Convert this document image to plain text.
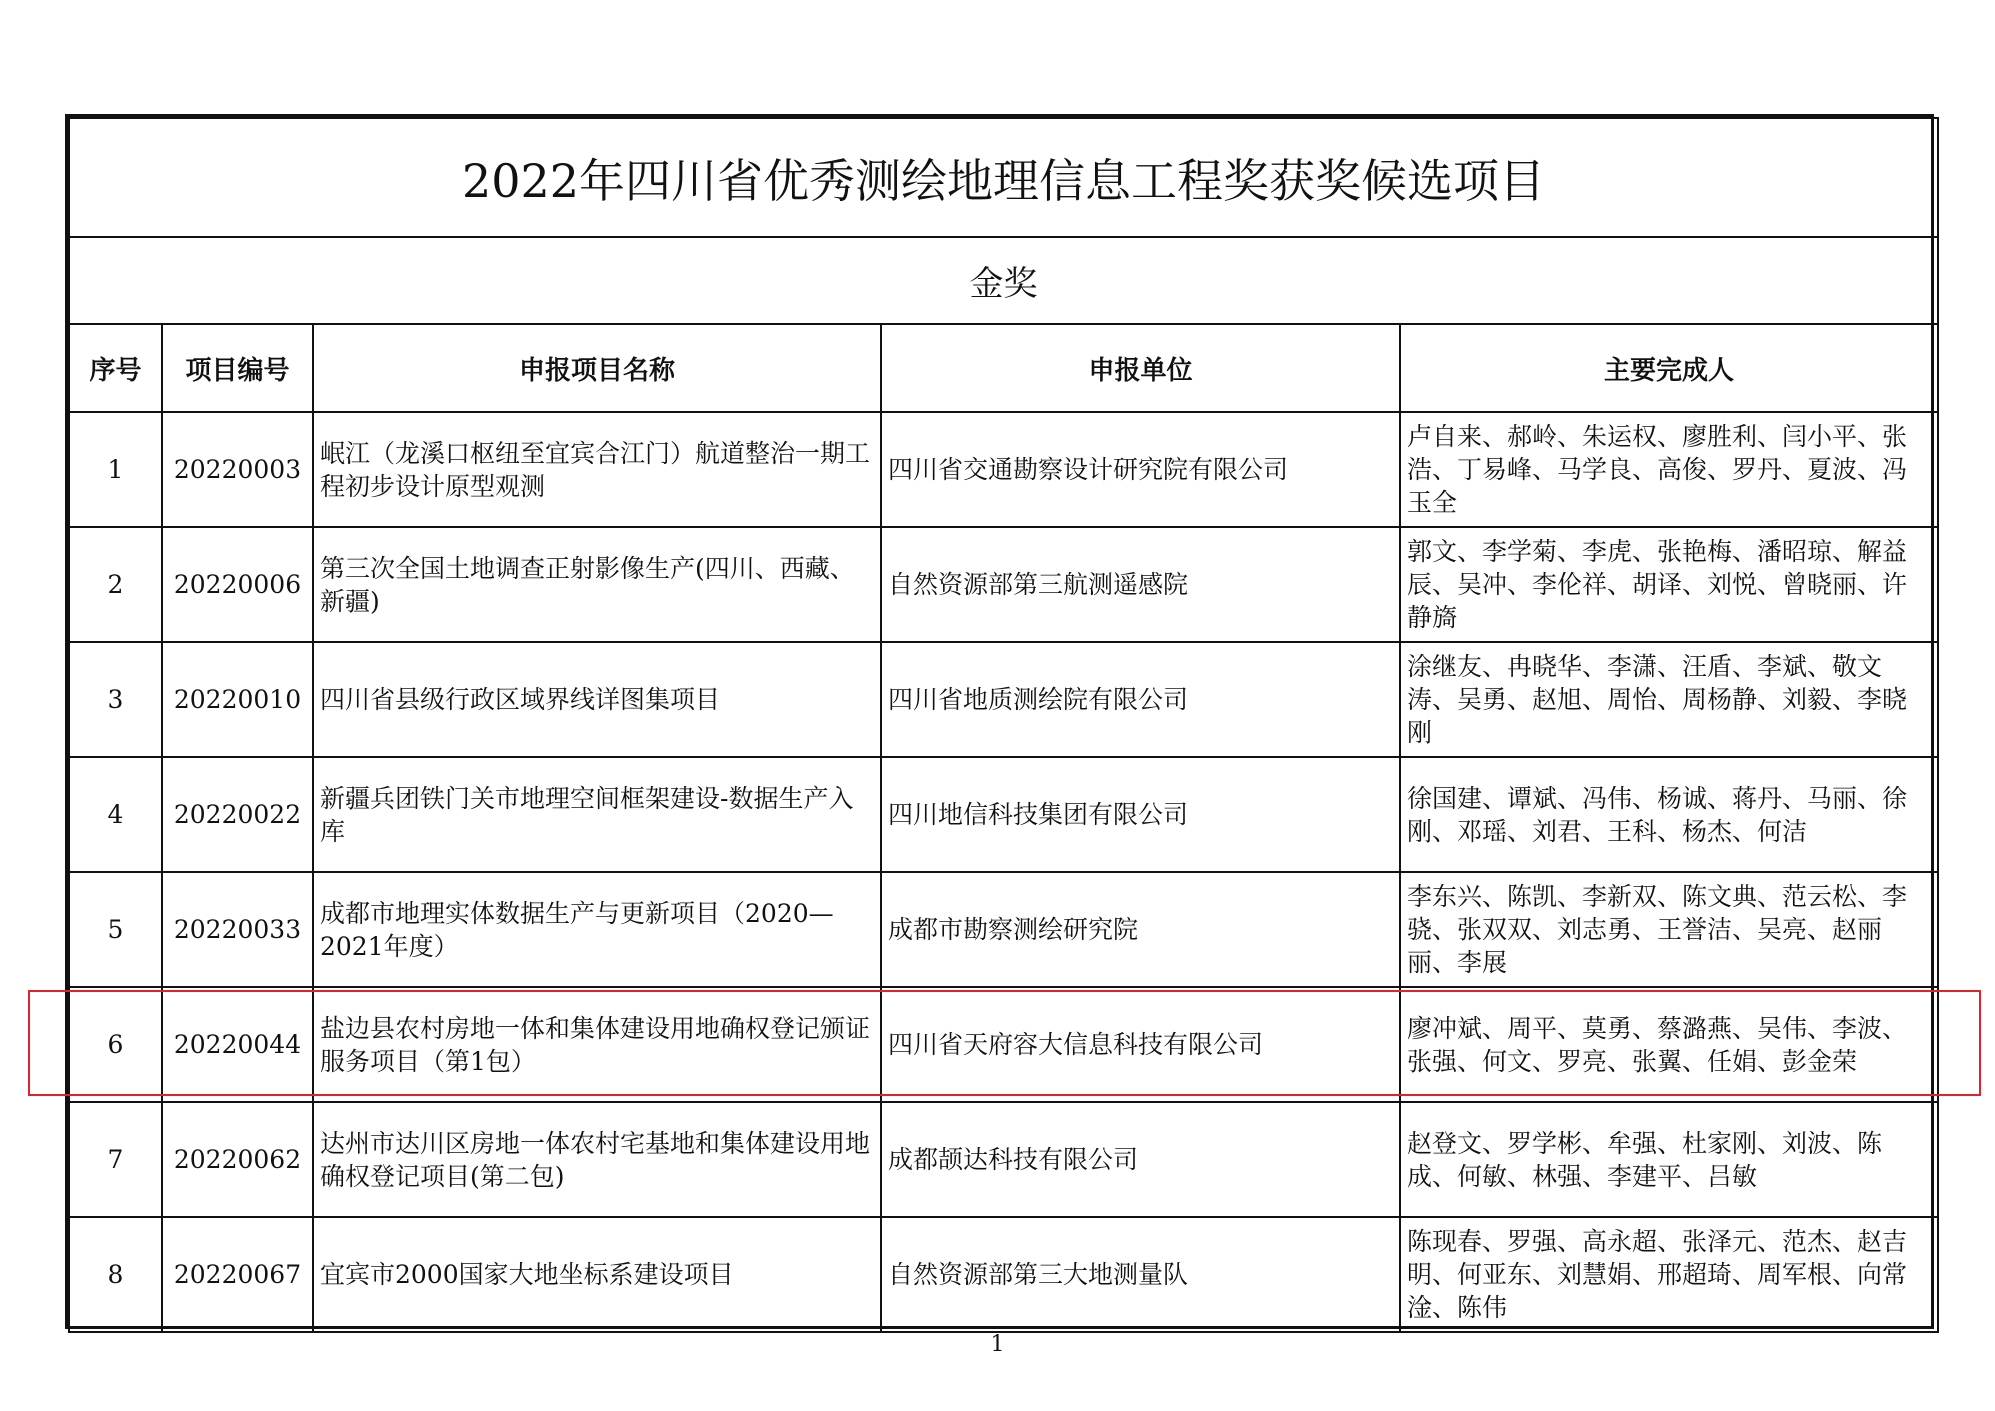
2022年四川省优秀测绘地理信息工程奖获奖候选项目				
金奖				
序号	项目编号	申报项目名称	申报单位	主要完成人
1	20220003	岷江（龙溪口枢纽至宜宾合江门）航道整治一期工程初步设计原型观测	四川省交通勘察设计研究院有限公司	卢自来、郝岭、朱运权、廖胜利、闫小平、张浩、丁易峰、马学良、高俊、罗丹、夏波、冯玉全
2	20220006	第三次全国土地调查正射影像生产(四川、西藏、新疆)	自然资源部第三航测遥感院	郭文、李学菊、李虎、张艳梅、潘昭琼、解益辰、吴冲、李伦祥、胡译、刘悦、曾晓丽、许静旖
3	20220010	四川省县级行政区域界线详图集项目	四川省地质测绘院有限公司	涂继友、冉晓华、李潇、汪盾、李斌、敬文涛、吴勇、赵旭、周怡、周杨静、刘毅、李晓刚
4	20220022	新疆兵团铁门关市地理空间框架建设-数据生产入库	四川地信科技集团有限公司	徐国建、谭斌、冯伟、杨诚、蒋丹、马丽、徐刚、邓瑶、刘君、王科、杨杰、何洁
5	20220033	成都市地理实体数据生产与更新项目（2020—2021年度）	成都市勘察测绘研究院	李东兴、陈凯、李新双、陈文典、范云松、李骁、张双双、刘志勇、王誉洁、吴亮、赵丽丽、李展
6	20220044	盐边县农村房地一体和集体建设用地确权登记颁证服务项目（第1包）	四川省天府容大信息科技有限公司	廖冲斌、周平、莫勇、蔡潞燕、吴伟、李波、张强、何文、罗亮、张翼、任娟、彭金荣
7	20220062	达州市达川区房地一体农村宅基地和集体建设用地确权登记项目(第二包)	成都颉达科技有限公司	赵登文、罗学彬、牟强、杜家刚、刘波、陈成、何敏、林强、李建平、吕敏
8	20220067	宜宾市2000国家大地坐标系建设项目	自然资源部第三大地测量队	陈现春、罗强、高永超、张泽元、范杰、赵吉明、何亚东、刘慧娟、邢超琦、周军根、向常淦、陈伟
1
